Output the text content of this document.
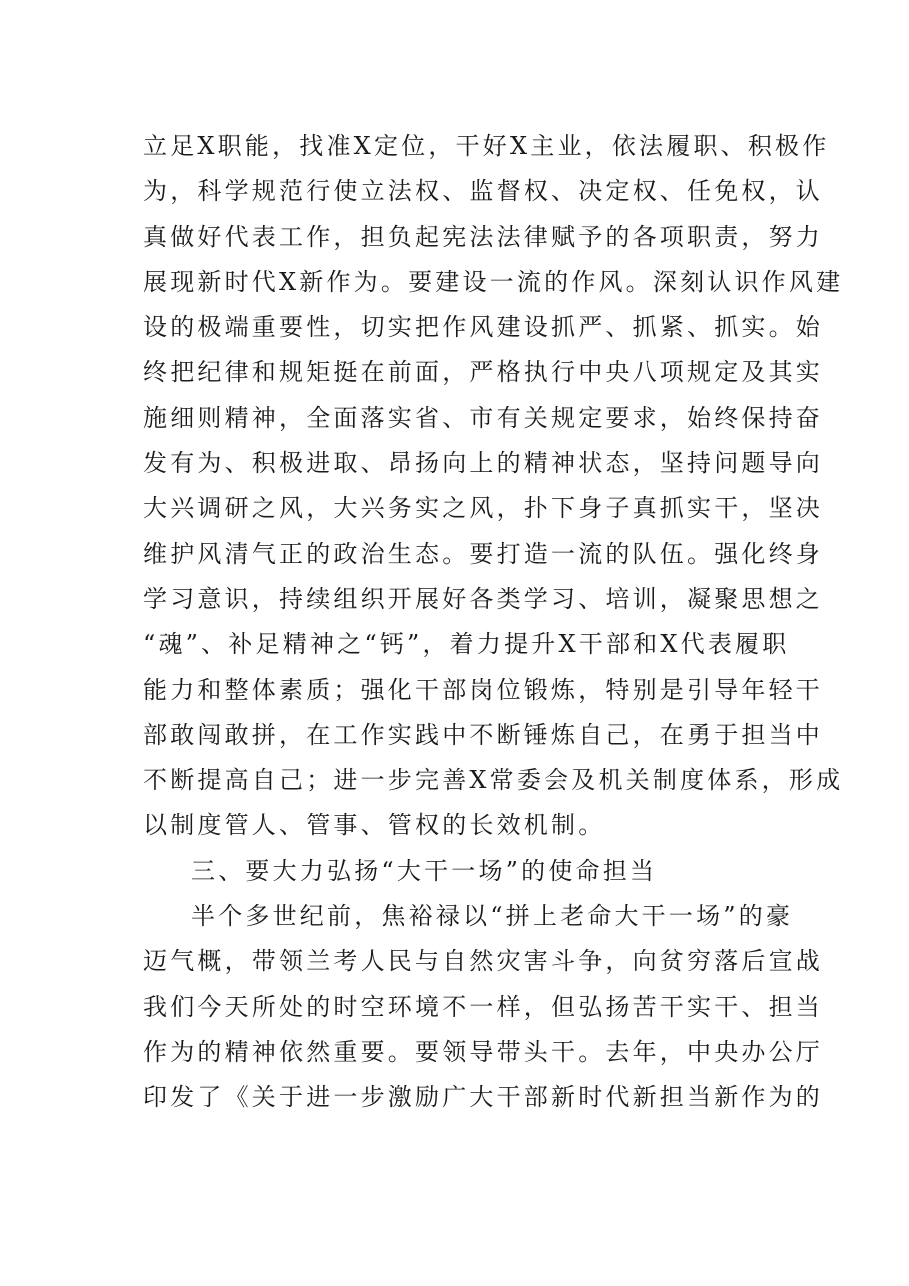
立足X职能，找准X定位，干好X主业，依法履职、积极作
为，科学规范行使立法权、监督权、决定权、任免权，认
真做好代表工作，担负起宪法法律赋予的各项职责，努力
展现新时代X新作为。要建设一流的作风。深刻认识作风建
设的极端重要性，切实把作风建设抓严、抓紧、抓实。始
终把纪律和规矩挺在前面，严格执行中央八项规定及其实
施细则精神，全面落实省、市有关规定要求，始终保持奋
发有为、积极进取、昂扬向上的精神状态，坚持问题导向
大兴调研之风，大兴务实之风，扑下身子真抓实干，坚决
维护风清气正的政治生态。要打造一流的队伍。强化终身
学习意识，持续组织开展好各类学习、培训，凝聚思想之
“魂”、补足精神之“钙”，着力提升X干部和X代表履职
能力和整体素质；强化干部岗位锻炼，特别是引导年轻干
部敢闯敢拼，在工作实践中不断锤炼自己，在勇于担当中
不断提高自己；进一步完善X常委会及机关制度体系，形成
以制度管人、管事、管权的长效机制。
三、要大力弘扬“大干一场”的使命担当
半个多世纪前，焦裕禄以“拼上老命大干一场”的豪
迈气概，带领兰考人民与自然灾害斗争，向贫穷落后宣战
我们今天所处的时空环境不一样，但弘扬苦干实干、担当
作为的精神依然重要。要领导带头干。去年，中央办公厅
印发了《关于进一步激励广大干部新时代新担当新作为的
